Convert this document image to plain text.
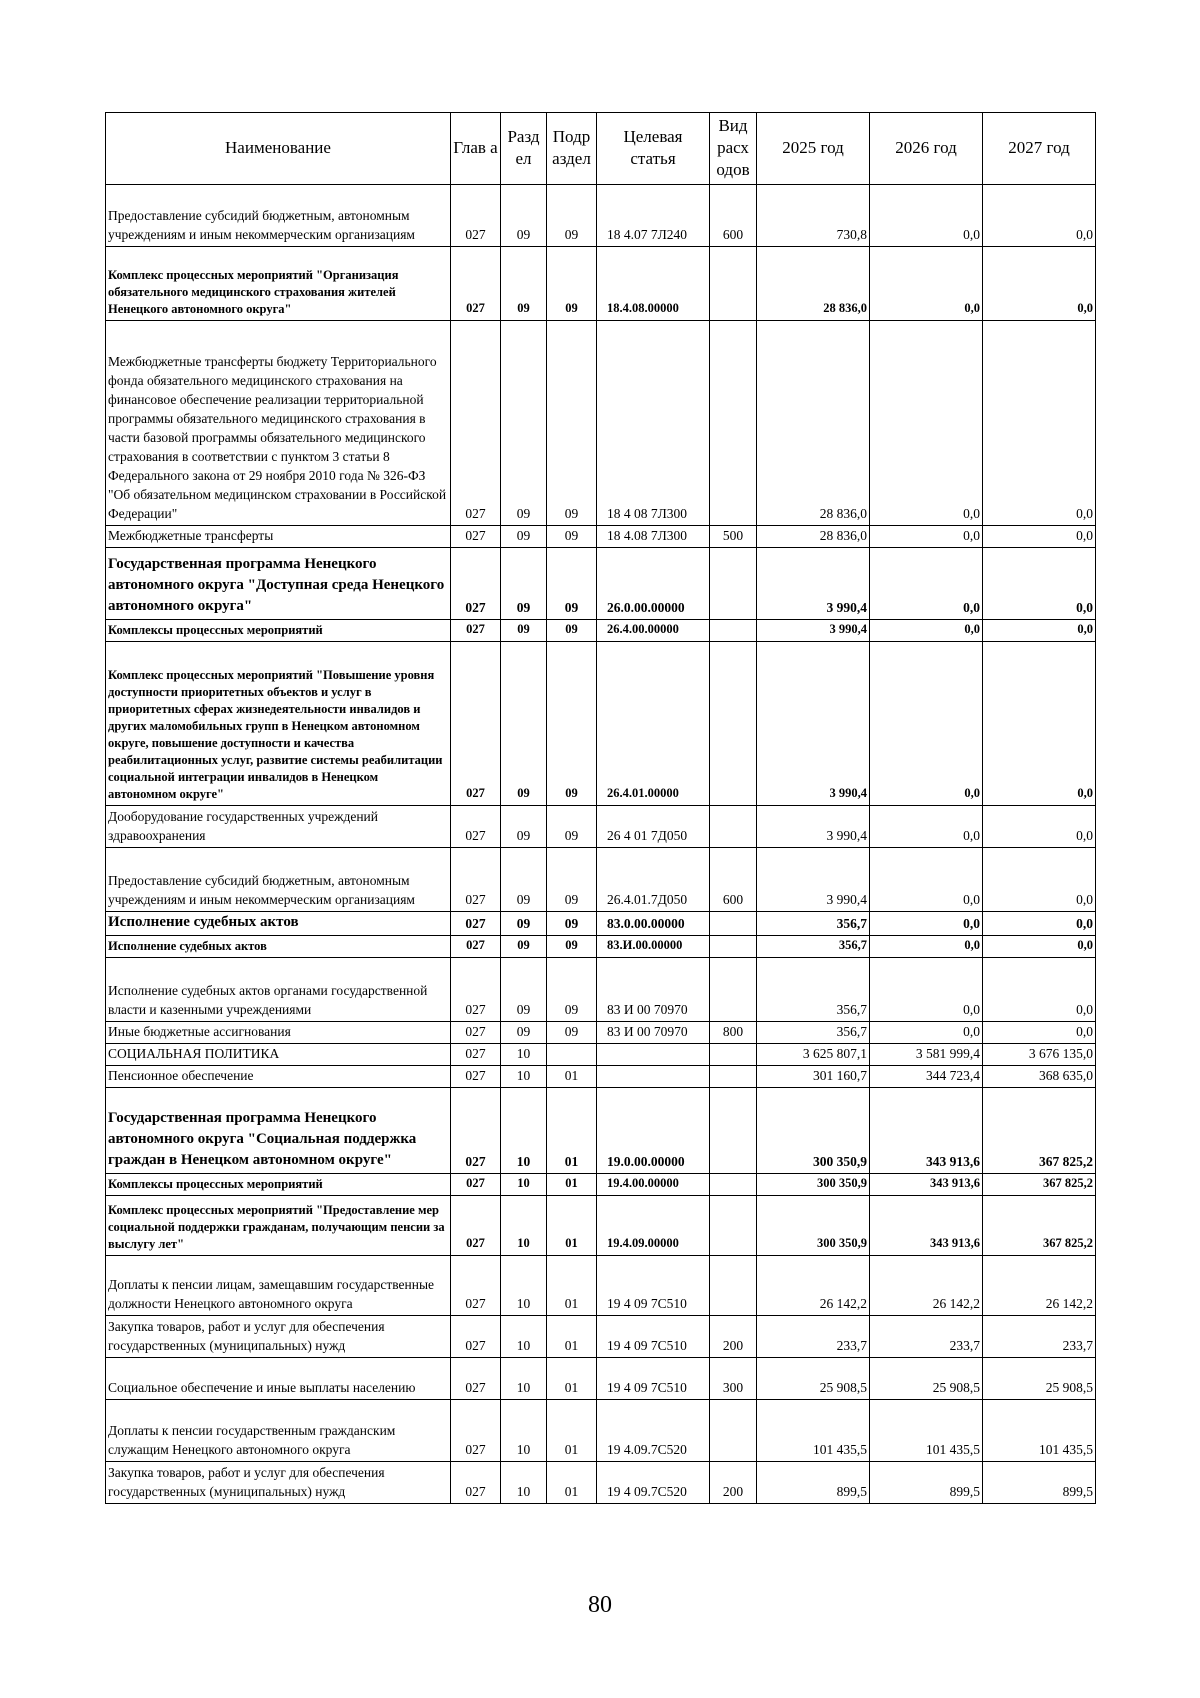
Наименование	Глав а	Разд ел	Подр аздел	Целевая статья	Вид расх одов	2025 год	2026 год	2027 год
Предоставление субсидий бюджетным, автономным учреждениям и иным некоммерческим организациям	027	09	09	18 4.07 7Л240	600	730,8	0,0	0,0
Комплекс процессных мероприятий "Организация обязательного медицинского страхования жителей Ненецкого автономного округа"	027	09	09	18.4.08.00000		28 836,0	0,0	0,0
Межбюджетные трансферты бюджету Территориального фонда обязательного медицинского страхования на финансовое обеспечение реализации территориальной программы обязательного медицинского страхования в части базовой программы обязательного медицинского страхования в соответствии с пунктом 3 статьи 8 Федерального закона от 29 ноября 2010 года № 326-ФЗ "Об обязательном медицинском страховании в Российской Федерации"	027	09	09	18 4 08 7Л300		28 836,0	0,0	0,0
Межбюджетные трансферты	027	09	09	18 4.08 7Л300	500	28 836,0	0,0	0,0
Государственная программа Ненецкого автономного округа "Доступная среда Ненецкого автономного округа"	027	09	09	26.0.00.00000		3 990,4	0,0	0,0
Комплексы процессных мероприятий	027	09	09	26.4.00.00000		3 990,4	0,0	0,0
Комплекс процессных мероприятий "Повышение уровня доступности приоритетных объектов и услуг в приоритетных сферах жизнедеятельности инвалидов и других маломобильных групп в Ненецком автономном округе, повышение доступности и качества реабилитационных услуг, развитие системы реабилитации социальной интеграции инвалидов в Ненецком автономном округе"	027	09	09	26.4.01.00000		3 990,4	0,0	0,0
Дооборудование государственных учреждений здравоохранения	027	09	09	26 4 01 7Д050		3 990,4	0,0	0,0
Предоставление субсидий бюджетным, автономным учреждениям и иным некоммерческим организациям	027	09	09	26.4.01.7Д050	600	3 990,4	0,0	0,0
Исполнение судебных актов	027	09	09	83.0.00.00000		356,7	0,0	0,0
Исполнение судебных актов	027	09	09	83.И.00.00000		356,7	0,0	0,0
Исполнение судебных актов органами государственной власти и казенными учреждениями	027	09	09	83 И 00 70970		356,7	0,0	0,0
Иные бюджетные ассигнования	027	09	09	83 И 00 70970	800	356,7	0,0	0,0
СОЦИАЛЬНАЯ ПОЛИТИКА	027	10				3 625 807,1	3 581 999,4	3 676 135,0
Пенсионное обеспечение	027	10	01			301 160,7	344 723,4	368 635,0
Государственная программа Ненецкого автономного округа "Социальная поддержка граждан в Ненецком автономном округе"	027	10	01	19.0.00.00000		300 350,9	343 913,6	367 825,2
Комплексы процессных мероприятий	027	10	01	19.4.00.00000		300 350,9	343 913,6	367 825,2
Комплекс процессных мероприятий "Предоставление мер социальной поддержки гражданам, получающим пенсии за выслугу лет"	027	10	01	19.4.09.00000		300 350,9	343 913,6	367 825,2
Доплаты к пенсии лицам, замещавшим государственные должности Ненецкого автономного округа	027	10	01	19 4 09 7С510		26 142,2	26 142,2	26 142,2
Закупка товаров, работ и услуг для обеспечения государственных (муниципальных) нужд	027	10	01	19 4 09 7С510	200	233,7	233,7	233,7
Социальное обеспечение и иные выплаты населению	027	10	01	19 4 09 7С510	300	25 908,5	25 908,5	25 908,5
Доплаты к пенсии государственным гражданским служащим Ненецкого автономного округа	027	10	01	19 4.09.7С520		101 435,5	101 435,5	101 435,5
Закупка товаров, работ и услуг для обеспечения государственных (муниципальных) нужд	027	10	01	19 4 09.7С520	200	899,5	899,5	899,5
80
